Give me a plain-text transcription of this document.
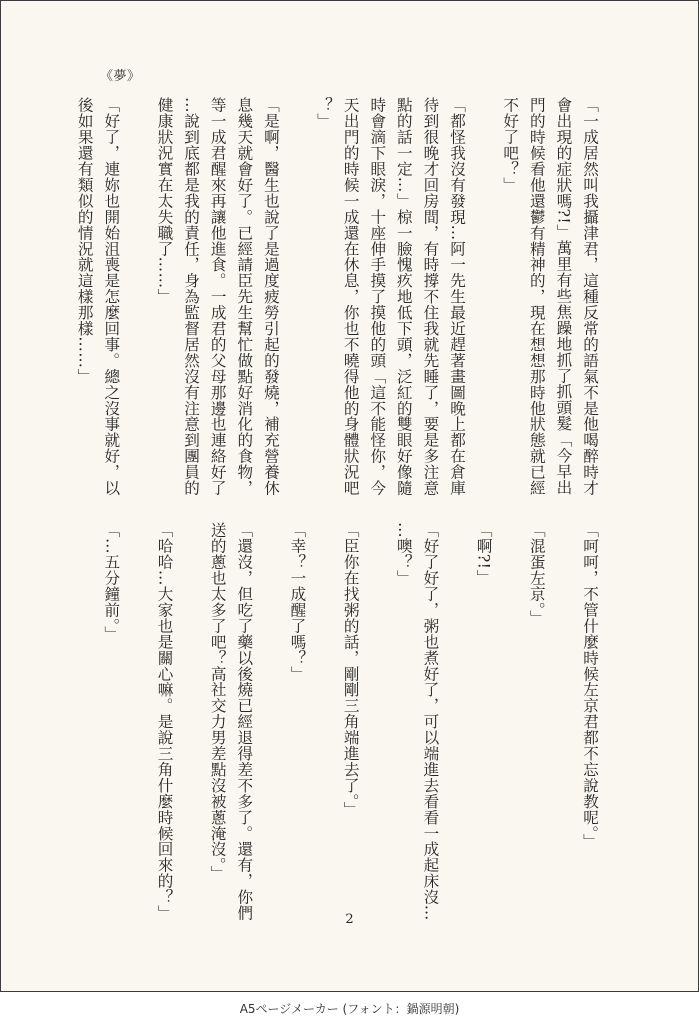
《夢》
「一成居然叫我攝津君，這種反常的語氣不是他喝醉時才
會出現的症狀嗎?!」萬里有些焦躁地抓了抓頭髮「今早出
門的時候看他還鬱有精神的，現在想想那時他狀態就已經
不好了吧？」

「都怪我沒有發現…阿一先生最近趕著畫圖晚上都在倉庫
待到很晚才回房間，有時撐不住我就先睡了，要是多注意
點的話一定…」椋一臉愧疚地低下頭，泛紅的雙眼好像隨
時會滴下眼淚，十座伸手摸了摸他的頭「這不能怪你，今
天出門的時候一成還在休息，你也不曉得他的身體狀況吧
？」

「是啊，醫生也說了是過度疲勞引起的發燒，補充營養休
息幾天就會好了。已經請臣先生幫忙做點好消化的食物，
等一成君醒來再讓他進食。一成君的父母那邊也連絡好了
…說到底都是我的責任，身為監督居然沒有注意到團員的
健康狀況實在太失職了……」

「好了，連妳也開始沮喪是怎麼回事。總之沒事就好，以
後如果還有類似的情況就這樣那樣……」
「呵呵，不管什麼時候左京君都不忘說教呢。」

「混蛋左京。」

「啊?!」

「好了好了，粥也煮好了，可以端進去看看一成起床沒…
…噢？」

「臣你在找粥的話，剛剛三角端進去了。」

「幸？一成醒了嗎？」

「還沒，但吃了藥以後燒已經退得差不多了。還有，你們
送的蔥也太多了吧？高社交力男差點沒被蔥淹沒。」

「哈哈…大家也是關心嘛。是說三角什麼時候回來的？」

「…五分鐘前。」
2
A5ページメーカー (フォント：鍋源明朝)
